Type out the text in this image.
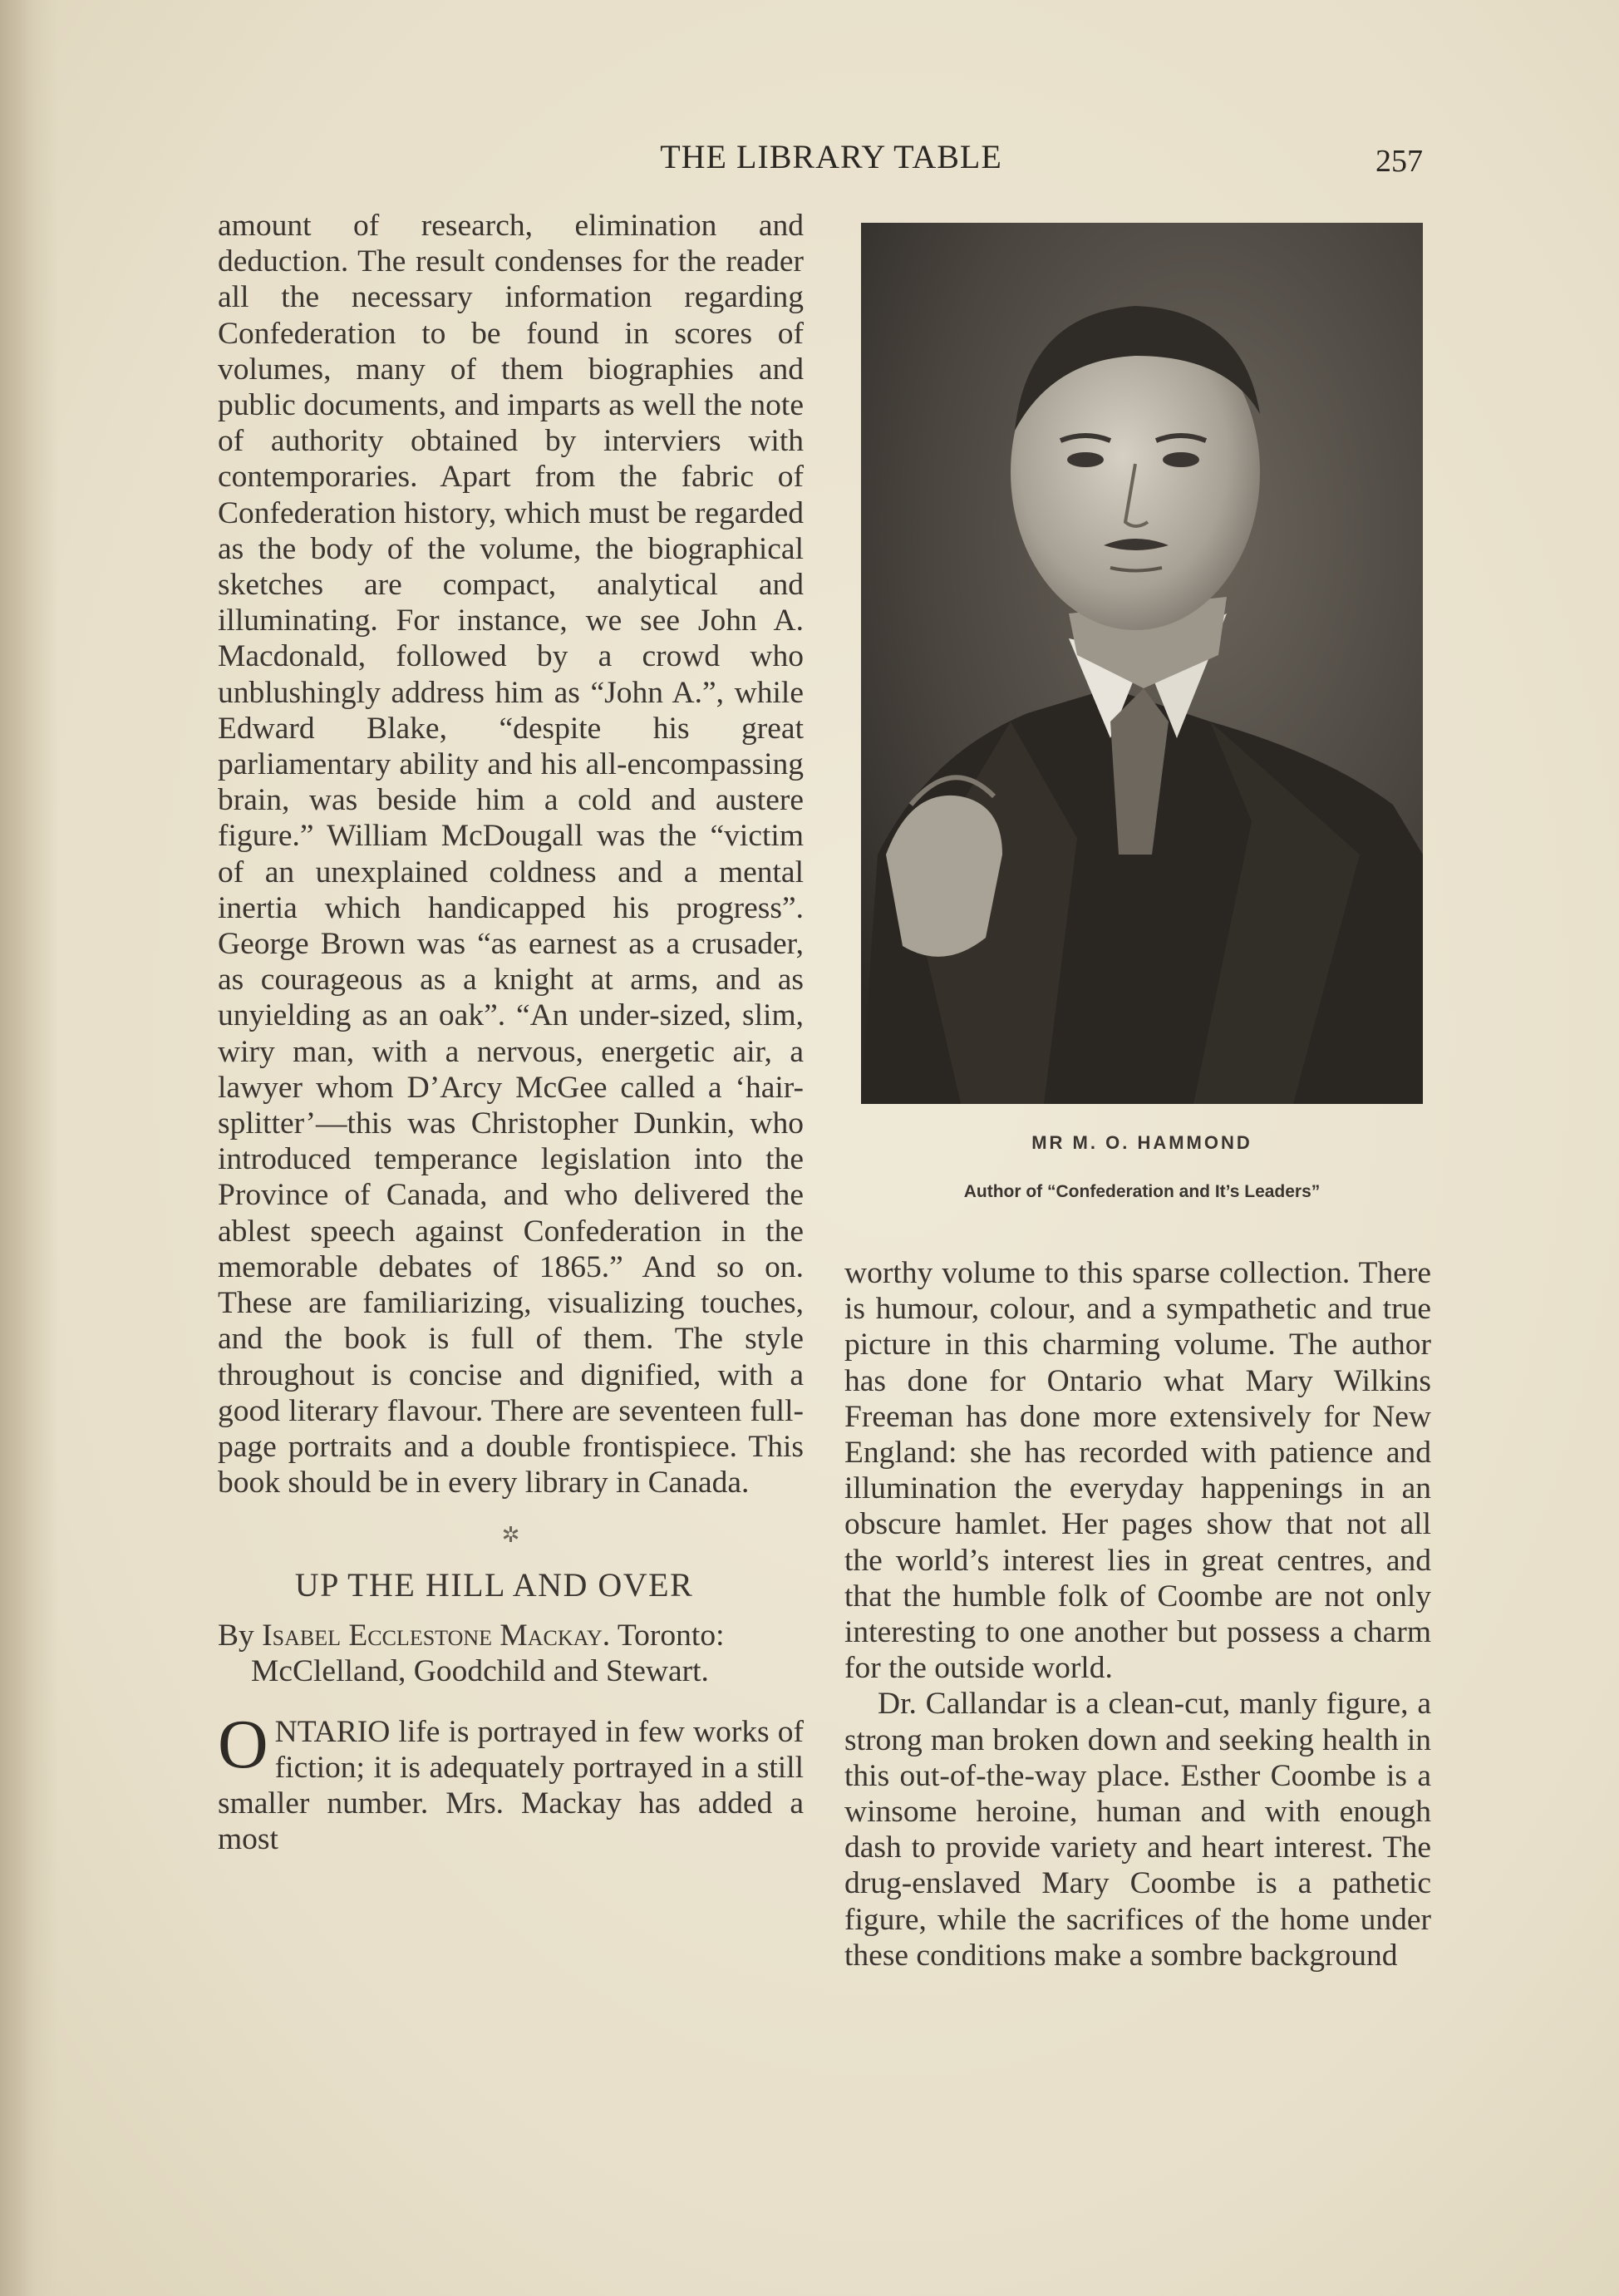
THE LIBRARY TABLE	257

amount of research, elimination and deduction. The result condenses for the reader all the necessary information regarding Confederation to be found in scores of volumes, many of them biographies and public documents, and imparts as well the note of authority obtained by interviers with contemporaries. Apart from the fabric of Confederation history, which must be regarded as the body of the volume, the biographical sketches are compact, analytical and illuminating. For instance, we see John A. Macdonald, followed by a crowd who unblushingly address him as “John A.”, while Edward Blake, “despite his great parliamentary ability and his all-encompassing brain, was beside him a cold and austere figure.” William McDougall was the “victim of an unexplained coldness and a mental inertia which handicapped his progress”. George Brown was “as earnest as a crusader, as courageous as a knight at arms, and as unyielding as an oak”. “An under-sized, slim, wiry man, with a nervous, energetic air, a lawyer whom D’Arcy McGee called a ‘hair-splitter’—this was Christopher Dunkin, who introduced temperance legislation into the Province of Canada, and who delivered the ablest speech against Confederation in the memorable debates of 1865.” And so on. These are familiarizing, visualizing touches, and the book is full of them. The style throughout is concise and dignified, with a good literary flavour. There are seventeen full-page portraits and a double frontispiece. This book should be in every library in Canada.

✲
UP THE HILL AND OVER
By Isabel Ecclestone Mackay. Toronto: McClelland, Goodchild and Stewart.

ONTARIO life is portrayed in few works of fiction; it is adequately portrayed in a still smaller number. Mrs. Mackay has added a most

MR M. O. HAMMOND
Author of “Confederation and It’s Leaders”

worthy volume to this sparse collection. There is humour, colour, and a sympathetic and true picture in this charming volume. The author has done for Ontario what Mary Wilkins Freeman has done more extensively for New England: she has recorded with patience and illumination the everyday happenings in an obscure hamlet. Her pages show that not all the world’s interest lies in great centres, and that the humble folk of Coombe are not only interesting to one another but possess a charm for the outside world.

Dr. Callandar is a clean-cut, manly figure, a strong man broken down and seeking health in this out-of-the-way place. Esther Coombe is a winsome heroine, human and with enough dash to provide variety and heart interest. The drug-enslaved Mary Coombe is a pathetic figure, while the sacrifices of the home under these conditions make a sombre background
